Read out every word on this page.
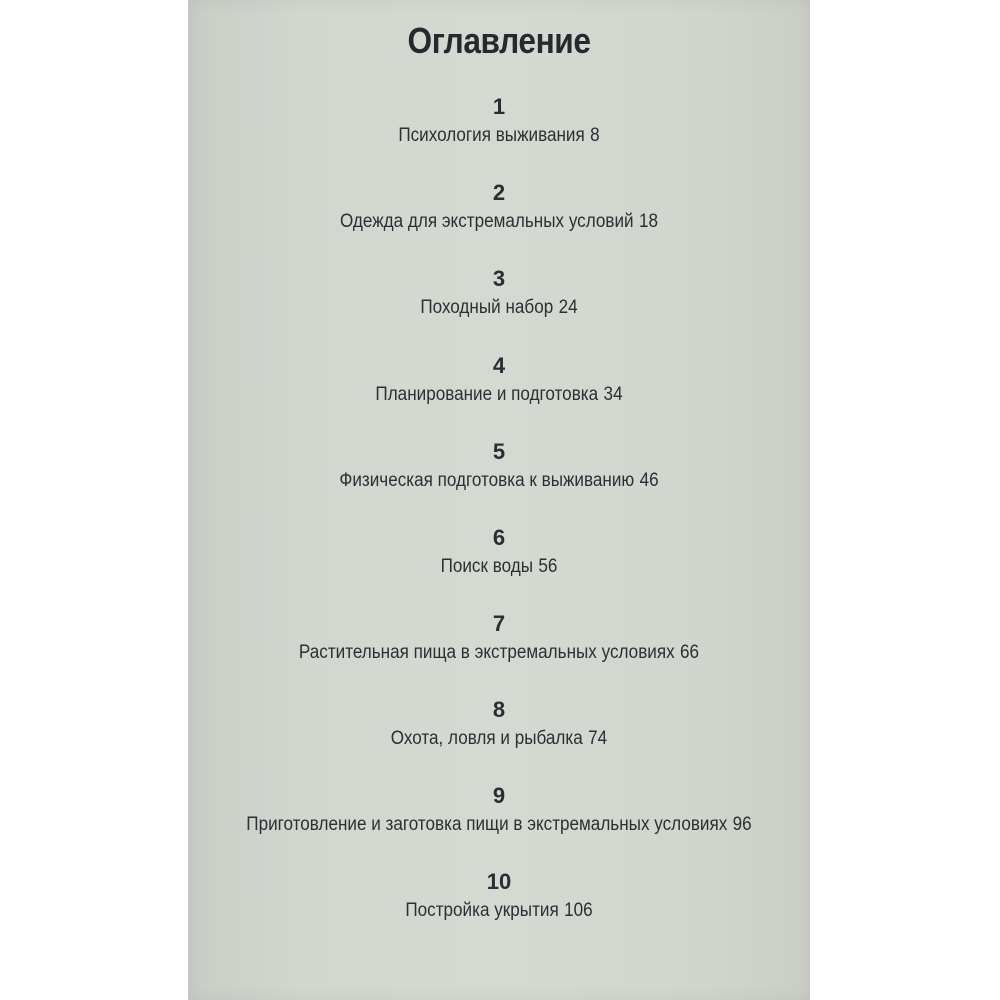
Оглавление
1
Психология выживания 8
2
Одежда для экстремальных условий 18
3
Походный набор 24
4
Планирование и подготовка 34
5
Физическая подготовка к выживанию 46
6
Поиск воды 56
7
Растительная пища в экстремальных условиях 66
8
Охота, ловля и рыбалка 74
9
Приготовление и заготовка пищи в экстремальных условиях 96
10
Постройка укрытия 106
